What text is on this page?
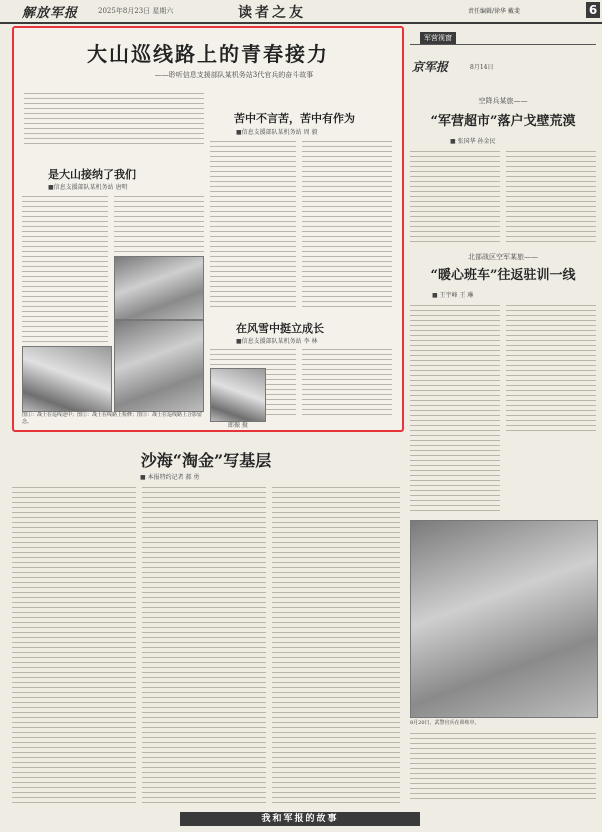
解放军报	2025年8月23日 星期六	读者之友	责任编辑/徐华 戴斐	6
大山巡线路上的青春接力
——聆听信息支援部队某机务站3代官兵的奋斗故事
是大山接纳了我们
■信息支援部队某机务站 唐明
图①：战士在巡线途中；图②：战士在线路上检修；图③：战士在巡线路上合影留念。
苦中不言苦，苦中有作为
■信息支援部队某机务站 周 毅
在风雪中挺立成长
■信息支援部队某机务站 李 林
郎振 摄
军营视窗
京军报	8月14日
空降兵某旅——
“军营超市”落户戈壁荒漠
■ 张国华 孙金民
北部战区空军某旅——
“暖心班车”往返驻训一线
■ 王宇峰 王 琳
8月20日，武警官兵在训练中。
沙海“淘金”写基层
■ 本报特约记者 郝 勇
我和军报的故事
